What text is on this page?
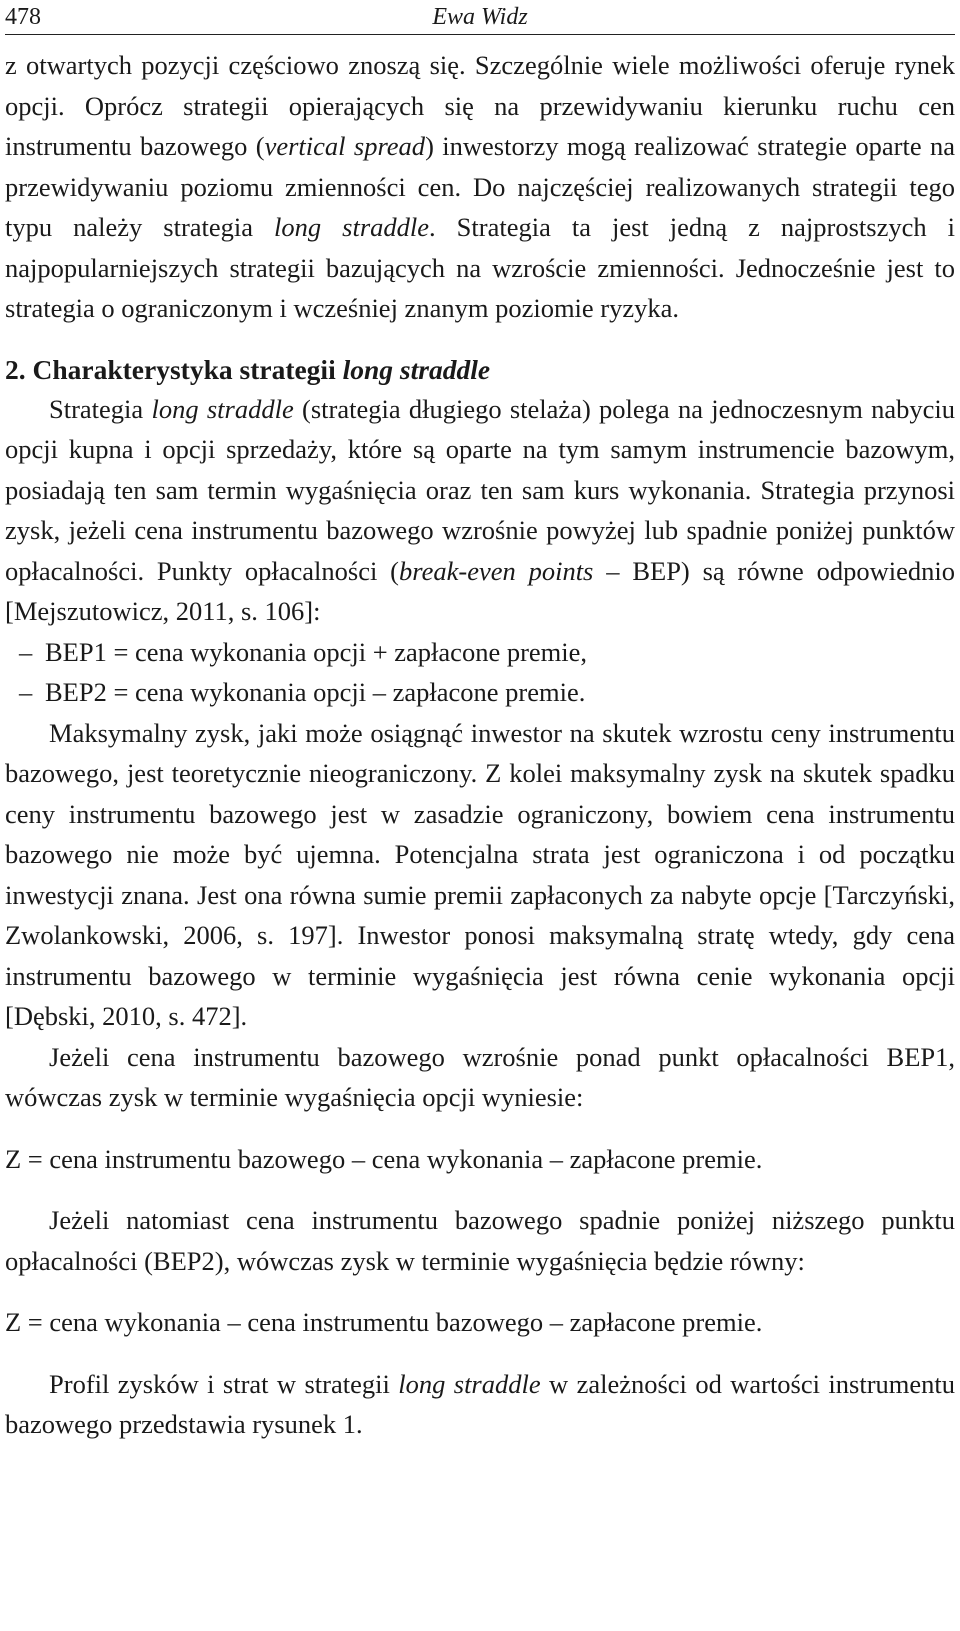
478	Ewa Widz

z otwartych pozycji częściowo znoszą się. Szczególnie wiele możliwości oferuje rynek opcji. Oprócz strategii opierających się na przewidywaniu kierunku ruchu cen instrumentu bazowego (vertical spread) inwestorzy mogą realizować strategie oparte na przewidywaniu poziomu zmienności cen. Do najczęściej realizowanych strategii tego typu należy strategia long straddle. Strategia ta jest jedną z najprostszych i najpopularniejszych strategii bazujących na wzroście zmienności. Jednocześnie jest to strategia o ograniczonym i wcześniej znanym poziomie ryzyka.

2. Charakterystyka strategii long straddle

Strategia long straddle (strategia długiego stelaża) polega na jednoczesnym nabyciu opcji kupna i opcji sprzedaży, które są oparte na tym samym instrumencie bazowym, posiadają ten sam termin wygaśnięcia oraz ten sam kurs wykonania. Strategia przynosi zysk, jeżeli cena instrumentu bazowego wzrośnie powyżej lub spadnie poniżej punktów opłacalności. Punkty opłacalności (break-even points – BEP) są równe odpowiednio [Mejszutowicz, 2011, s. 106]:

– BEP1 = cena wykonania opcji + zapłacone premie,
– BEP2 = cena wykonania opcji – zapłacone premie.

Maksymalny zysk, jaki może osiągnąć inwestor na skutek wzrostu ceny instrumentu bazowego, jest teoretycznie nieograniczony. Z kolei maksymalny zysk na skutek spadku ceny instrumentu bazowego jest w zasadzie ograniczony, bowiem cena instrumentu bazowego nie może być ujemna. Potencjalna strata jest ograniczona i od początku inwestycji znana. Jest ona równa sumie premii zapłaconych za nabyte opcje [Tarczyński, Zwolankowski, 2006, s. 197]. Inwestor ponosi maksymalną stratę wtedy, gdy cena instrumentu bazowego w terminie wygaśnięcia jest równa cenie wykonania opcji [Dębski, 2010, s. 472].

Jeżeli cena instrumentu bazowego wzrośnie ponad punkt opłacalności BEP1, wówczas zysk w terminie wygaśnięcia opcji wyniesie:

Z = cena instrumentu bazowego – cena wykonania – zapłacone premie.

Jeżeli natomiast cena instrumentu bazowego spadnie poniżej niższego punktu opłacalności (BEP2), wówczas zysk w terminie wygaśnięcia będzie równy:

Z = cena wykonania – cena instrumentu bazowego – zapłacone premie.

Profil zysków i strat w strategii long straddle w zależności od wartości instrumentu bazowego przedstawia rysunek 1.
